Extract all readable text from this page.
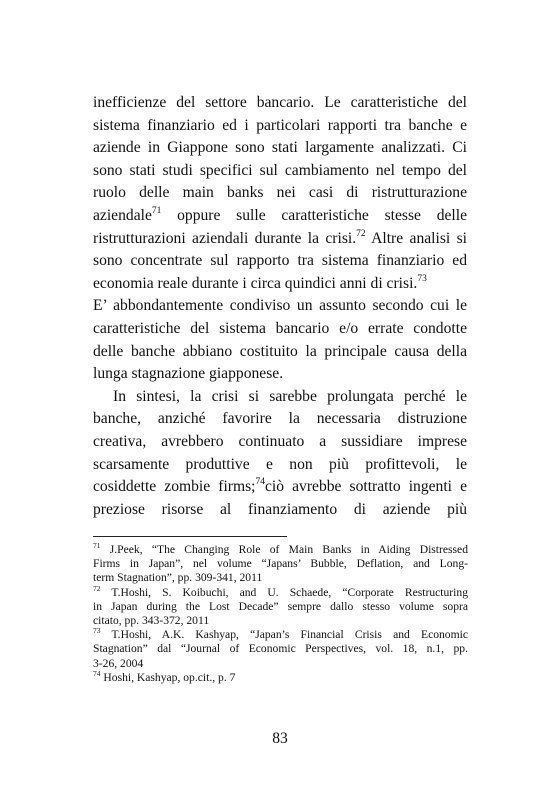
inefficienze del settore bancario. Le caratteristiche del
sistema finanziario ed i particolari rapporti tra banche e
aziende in Giappone sono stati largamente analizzati. Ci
sono stati studi specifici sul cambiamento nel tempo del
ruolo delle main banks nei casi di ristrutturazione
aziendale$^{71}$ oppure sulle caratteristiche stesse delle
ristrutturazioni aziendali durante la crisi.$^{72}$ Altre analisi si
sono concentrate sul rapporto tra sistema finanziario ed
economia reale durante i circa quindici anni di crisi.$^{73}$
E’ abbondantemente condiviso un assunto secondo cui le
caratteristiche del sistema bancario e/o errate condotte
delle banche abbiano costituito la principale causa della
lunga stagnazione giapponese.
In sintesi, la crisi si sarebbe prolungata perché le
banche, anziché favorire la necessaria distruzione
creativa, avrebbero continuato a sussidiare imprese
scarsamente produttive e non più profittevoli, le
cosiddette zombie firms;$^{74}$ciò avrebbe sottratto ingenti e
preziose risorse al finanziamento di aziende più
$^{71}$ J.Peek, “The Changing Role of Main Banks in Aiding Distressed
Firms in Japan”, nel volume “Japans’ Bubble, Deflation, and Long-
term Stagnation”, pp. 309-341, 2011
$^{72}$ T.Hoshi, S. Koibuchi, and U. Schaede, “Corporate Restructuring
in Japan during the Lost Decade” sempre dallo stesso volume sopra
citato, pp. 343-372, 2011
$^{73}$ T.Hoshi, A.K. Kashyap, “Japan’s Financial Crisis and Economic
Stagnation” dal “Journal of Economic Perspectives, vol. 18, n.1, pp.
3-26, 2004
$^{74}$ Hoshi, Kashyap, op.cit., p. 7
83
